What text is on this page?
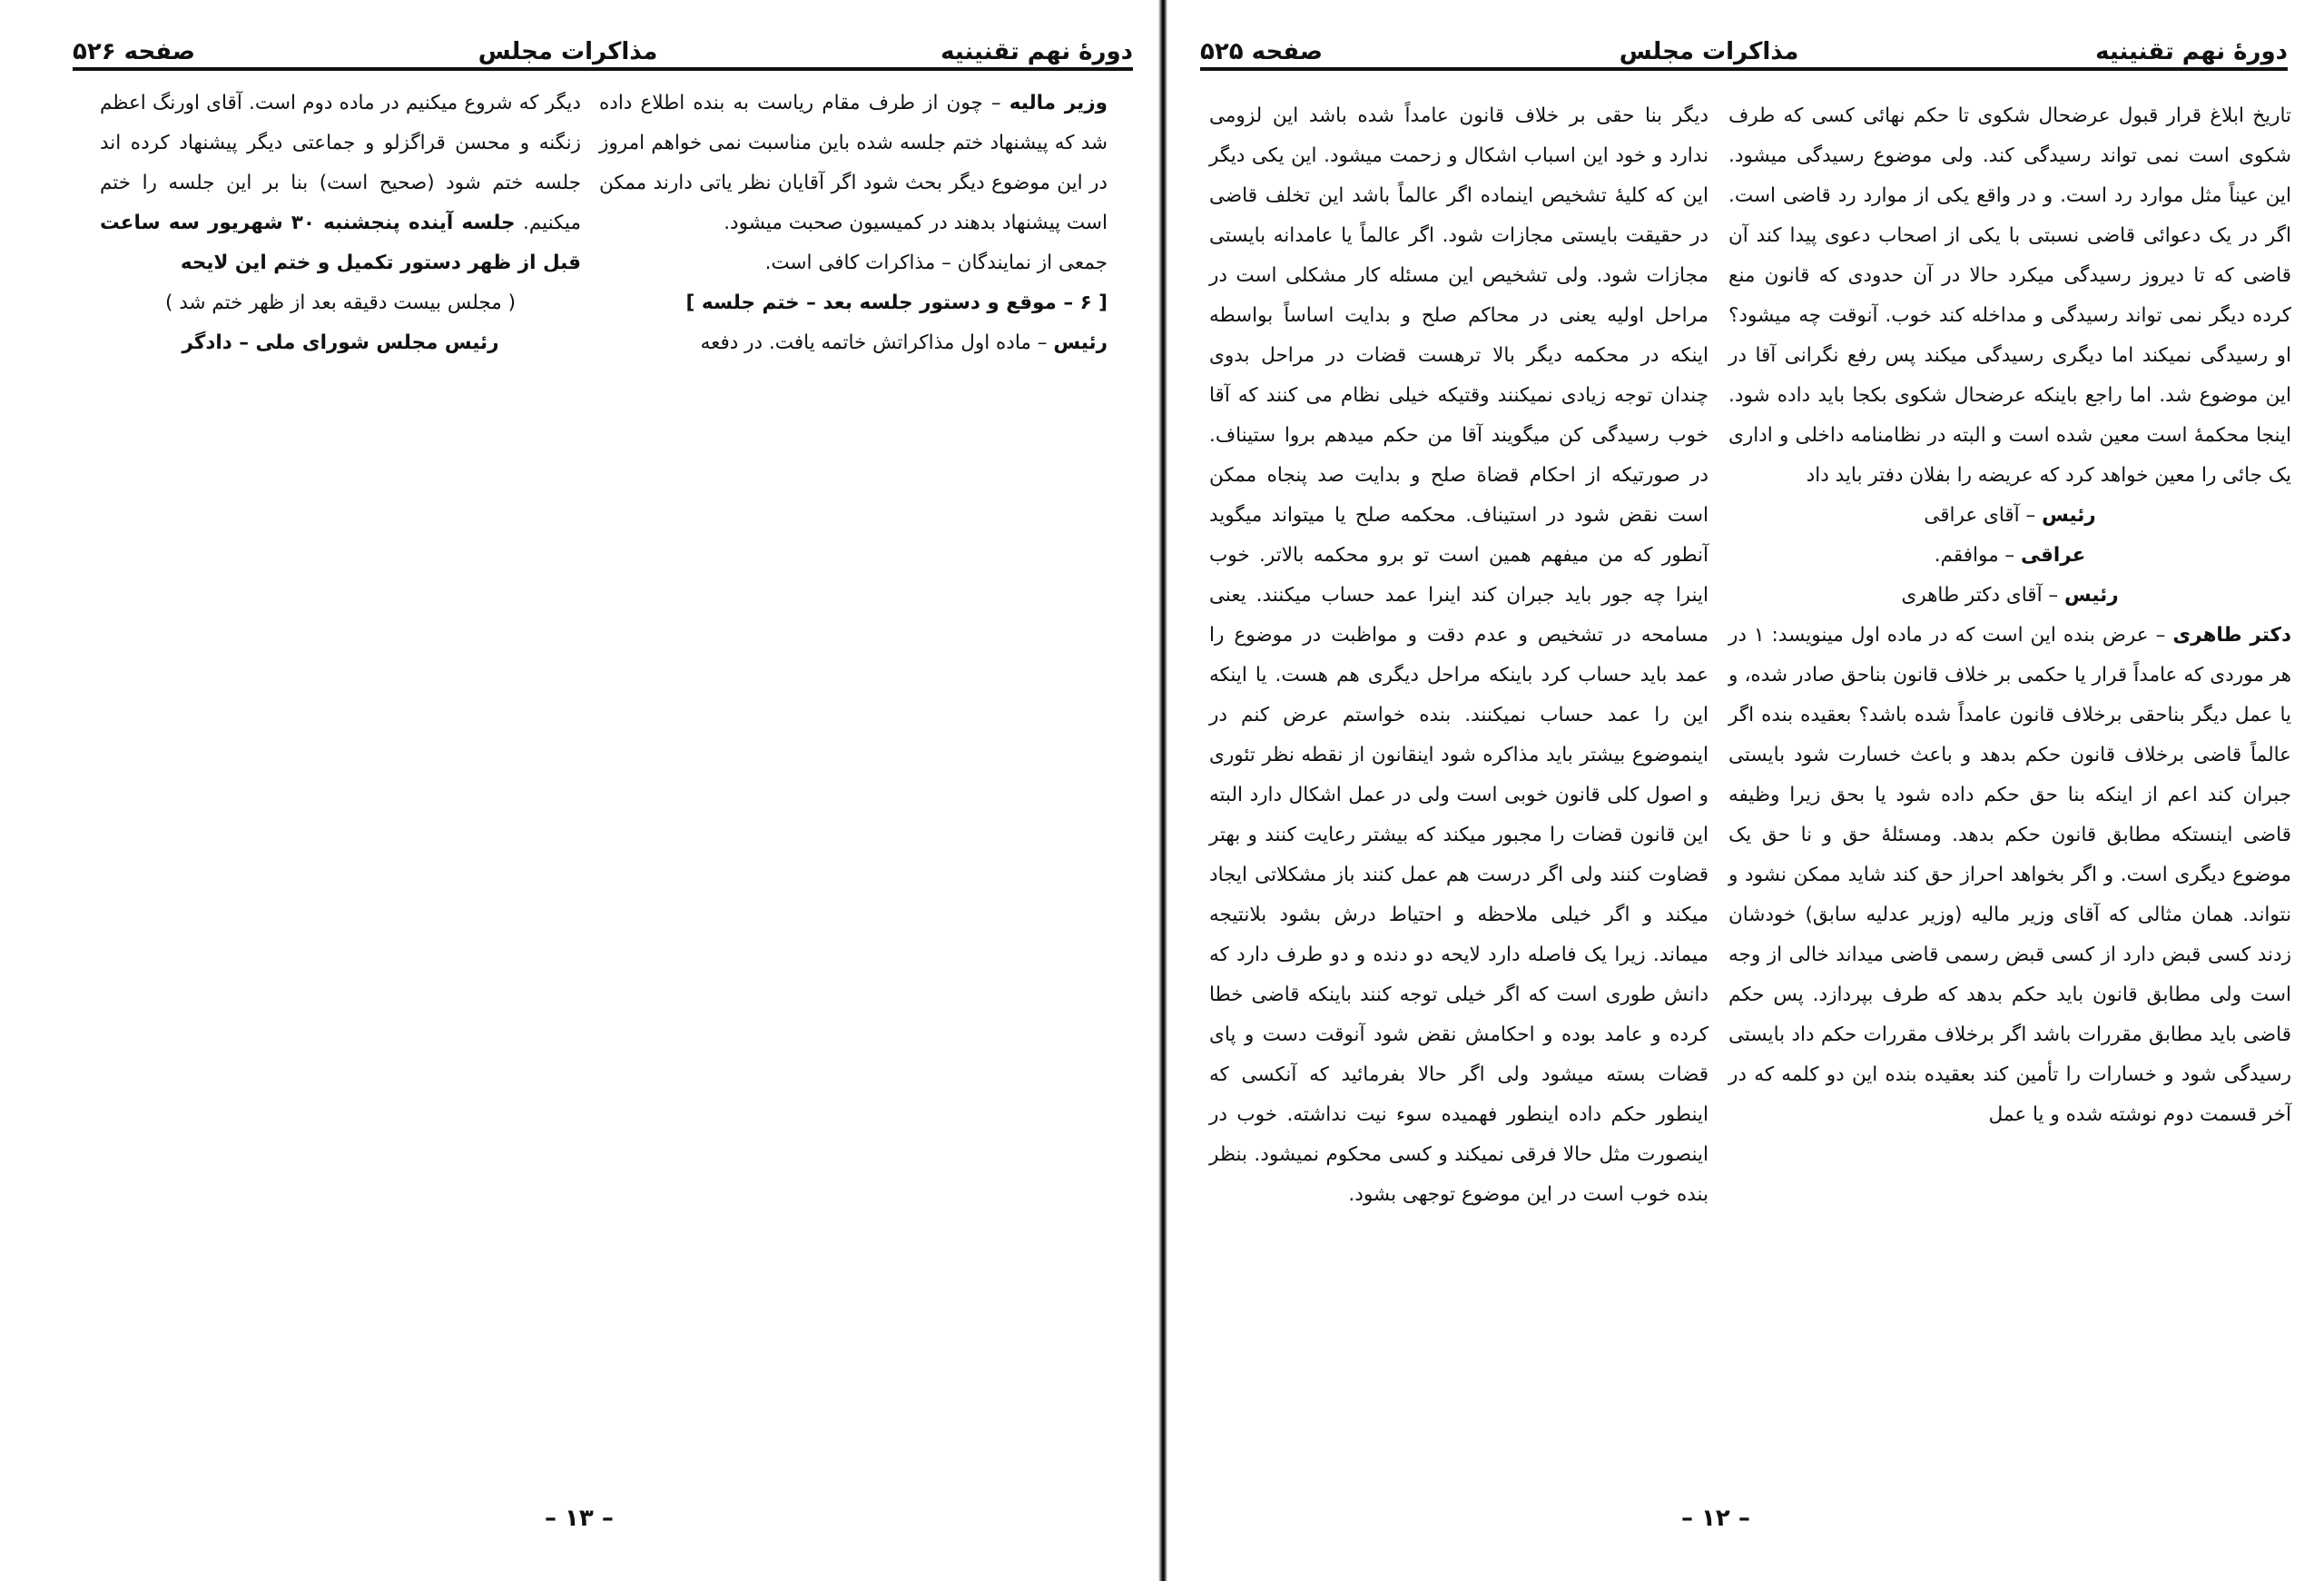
دورهٔ نهم تقنینیه
مذاکرات مجلس
صفحه ۵۲۶

وزیر مالیه – چون از طرف مقام ریاست به بنده اطلاع داده شد که پیشنهاد ختم جلسه شده باین مناسبت نمی خواهم امروز در این موضوع دیگر بحث شود اگر آقایان نظر یاتی دارند ممکن است پیشنهاد بدهند در کمیسیون صحبت میشود.

جمعی از نمایندگان – مذاکرات کافی است.

[ ۶ – موقع و دستور جلسه بعد – ختم جلسه ]

رئیس – ماده اول مذاکراتش خاتمه یافت. در دفعه

دیگر که شروع میکنیم در ماده دوم است. آقای اورنگ اعظم زنگنه و محسن قراگزلو و جماعتی دیگر پیشنهاد کرده اند جلسه ختم شود (صحیح است) بنا بر این جلسه را ختم میکنیم. جلسه آینده پنجشنبه ۳۰ شهریور سه ساعت قبل از ظهر دستور تکمیل و ختم این لایحه

( مجلس بیست دقیقه بعد از ظهر ختم شد )

رئیس مجلس شورای ملی – دادگر

– ۱۳ –
دورهٔ نهم تقنینیه
مذاکرات مجلس
صفحه ۵۲۵

تاریخ ابلاغ قرار قبول عرضحال شکوی تا حکم نهائی کسی که طرف شکوی است نمی تواند رسیدگی کند. ولی موضوع رسیدگی میشود. این عیناً مثل موارد رد است. و در واقع یکی از موارد رد قاضی است. اگر در یک دعوائی قاضی نسبتی با یکی از اصحاب دعوی پیدا کند آن قاضی که تا دیروز رسیدگی میکرد حالا در آن حدودی که قانون منع کرده دیگر نمی تواند رسیدگی و مداخله کند خوب. آنوقت چه میشود؟ او رسیدگی نمیکند اما دیگری رسیدگی میکند پس رفع نگرانی آقا در این موضوع شد. اما راجع باینکه عرضحال شکوی بکجا باید داده شود. اینجا محکمهٔ است معین شده است و البته در نظامنامه داخلی و اداری یک جائی را معین خواهد کرد که عریضه را بفلان دفتر باید داد

رئیس – آقای عراقی

عراقی – موافقم.

رئیس – آقای دکتر طاهری

دکتر طاهری – عرض بنده این است که در ماده اول مینویسد: ۱ در هر موردی که عامداً قرار یا حکمی بر خلاف قانون بناحق صادر شده، و یا عمل دیگر بناحقی برخلاف قانون عامداً شده باشد؟ بعقیده بنده اگر عالماً قاضی برخلاف قانون حکم بدهد و باعث خسارت شود بایستی جبران کند اعم از اینکه بنا حق حکم داده شود یا بحق زیرا وظیفه قاضی اینستکه مطابق قانون حکم بدهد. ومسئلهٔ حق و نا حق یک موضوع دیگری است. و اگر بخواهد احراز حق کند شاید ممکن نشود و نتواند. همان مثالی که آقای وزیر مالیه (وزیر عدلیه سابق) خودشان زدند کسی قبض دارد از کسی قبض رسمی قاضی میداند خالی از وجه است ولی مطابق قانون باید حکم بدهد که طرف بپردازد. پس حکم قاضی باید مطابق مقررات باشد اگر برخلاف مقررات حکم داد بایستی رسیدگی شود و خسارات را تأمین کند بعقیده بنده این دو کلمه که در آخر قسمت دوم نوشته شده و یا عمل

دیگر بنا حقی بر خلاف قانون عامداً شده باشد این لزومی ندارد و خود این اسباب اشکال و زحمت میشود. این یکی دیگر این که کلیهٔ تشخیص اینماده اگر عالماً باشد این تخلف قاضی در حقیقت بایستی مجازات شود. اگر عالماً یا عامدانه بایستی مجازات شود. ولی تشخیص این مسئله کار مشکلی است در مراحل اولیه یعنی در محاکم صلح و بدایت اساساً بواسطه اینکه در محکمه دیگر بالا ترهست قضات در مراحل بدوی چندان توجه زیادی نمیکنند وقتیکه خیلی نظام می کنند که آقا خوب رسیدگی کن میگویند آقا من حکم میدهم بروا ستیناف. در صورتیکه از احکام قضاة صلح و بدایت صد پنجاه ممکن است نقض شود در استیناف. محکمه صلح یا میتواند میگوید آنطور که من میفهم همین است تو برو محکمه بالاتر. خوب اینرا چه جور باید جبران کند اینرا عمد حساب میکنند. یعنی مسامحه در تشخیص و عدم دقت و مواظبت در موضوع را عمد باید حساب کرد باینکه مراحل دیگری هم هست. یا اینکه این را عمد حساب نمیکنند. بنده خواستم عرض کنم در اینموضوع بیشتر باید مذاکره شود اینقانون از نقطه نظر تئوری و اصول کلی قانون خوبی است ولی در عمل اشکال دارد البته این قانون قضات را مجبور میکند که بیشتر رعایت کنند و بهتر قضاوت کنند ولی اگر درست هم عمل کنند باز مشکلاتی ایجاد میکند و اگر خیلی ملاحظه و احتیاط درش بشود بلانتیجه میماند. زیرا یک فاصله دارد لایحه دو دنده و دو طرف دارد که دانش طوری است که اگر خیلی توجه کنند باینکه قاضی خطا کرده و عامد بوده و احکامش نقض شود آنوقت دست و پای قضات بسته میشود ولی اگر حالا بفرمائید که آنکسی که اینطور حکم داده اینطور فهمیده سوء نیت نداشته. خوب در اینصورت مثل حالا فرقی نمیکند و کسی محکوم نمیشود. بنظر بنده خوب است در این موضوع توجهی بشود.

– ۱۲ –
